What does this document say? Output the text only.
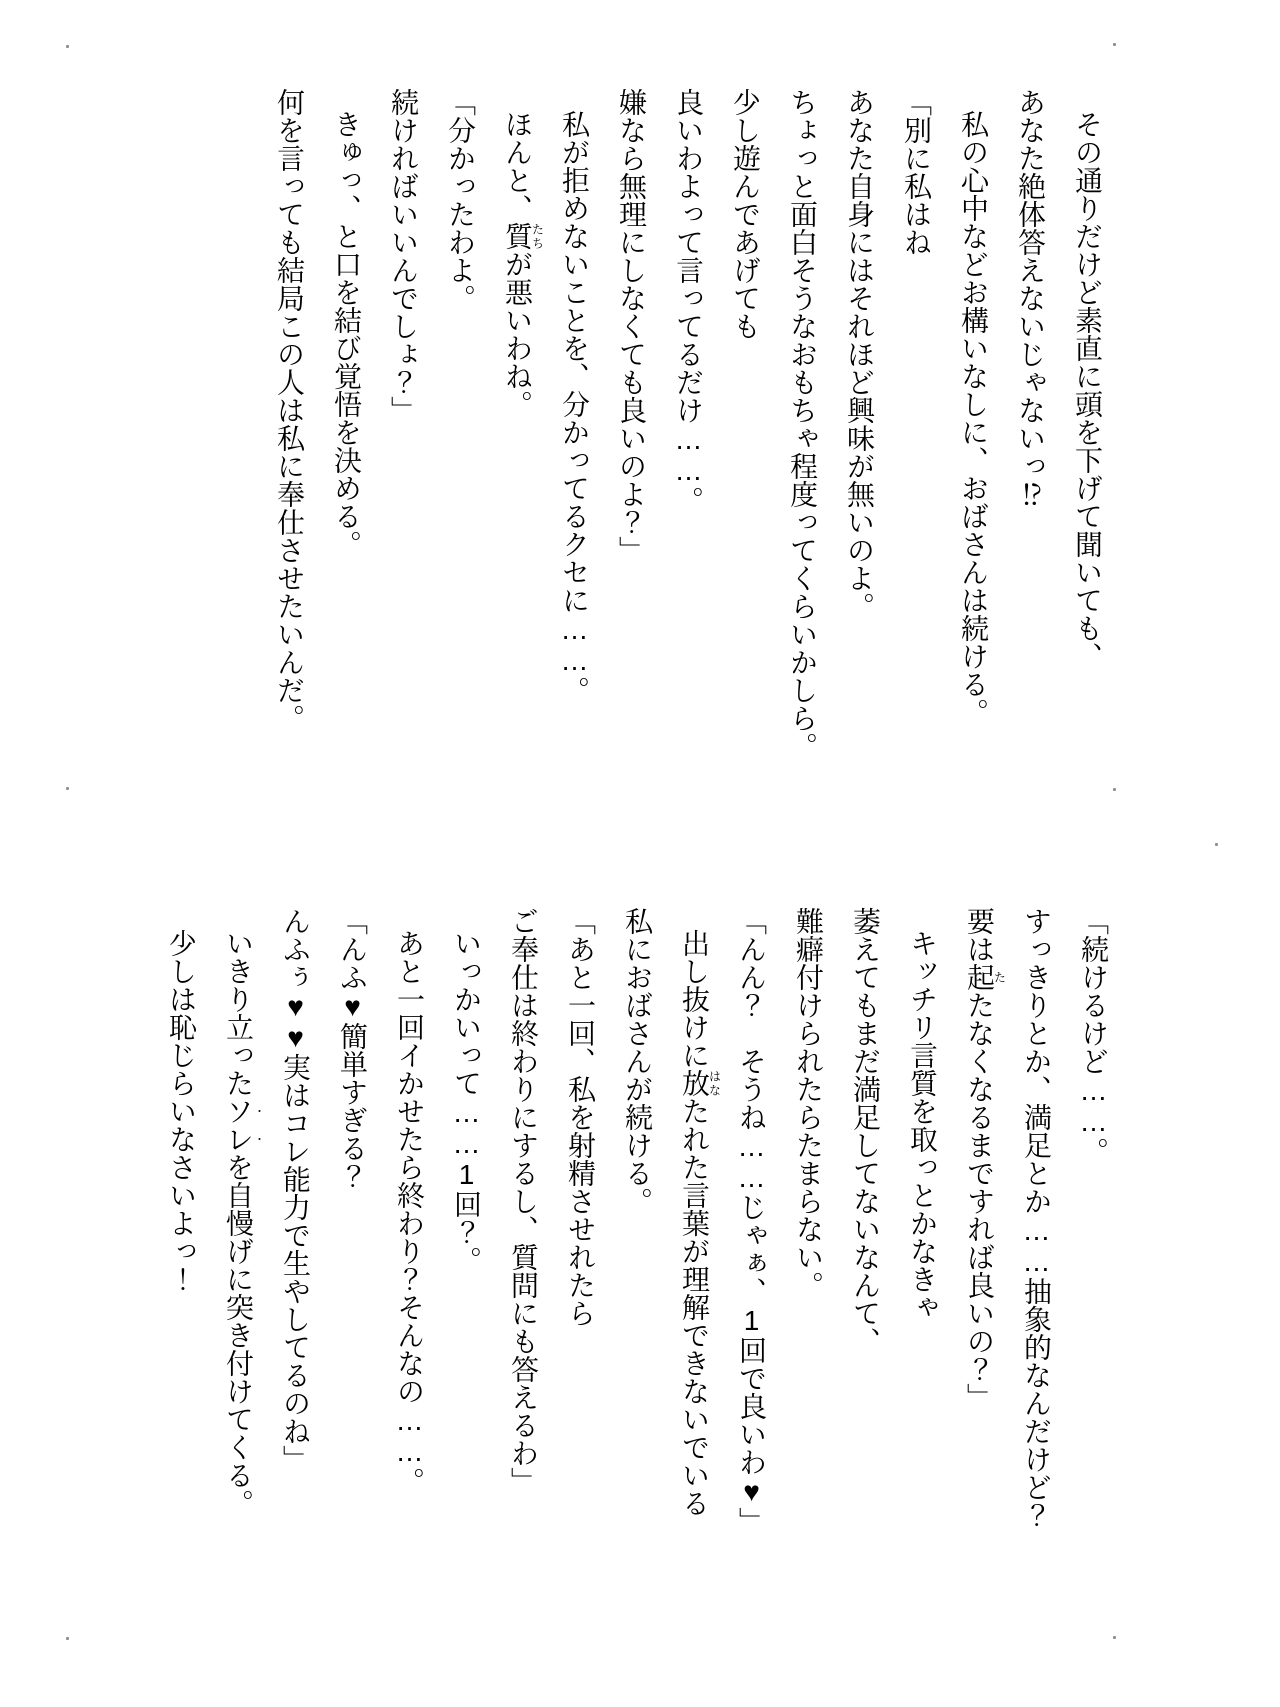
その通りだけど素直に頭を下げて聞いても、

あなた絶体答えないじゃないっ⁉

私の心中などお構いなしに、おばさんは続ける。

「別に私はね

あなた自身にはそれほど興味が無いのよ。

ちょっと面白そうなおもちゃ程度ってくらいかしら。

少し遊んであげても

良いわよって言ってるだけ……。

嫌なら無理にしなくても良いのよ？」

私が拒めないことを、分かってるクセに……。

ほんと、質たちが悪いわね。

「分かったわよ。

続ければいいんでしょ？」

きゅっ、と口を結び覚悟を決める。

何を言っても結局この人は私に奉仕させたいんだ。

「続けるけど……。

すっきりとか、満足とか……抽象的なんだけど？

要は起たたなくなるまですれば良いの？」

キッチリ言質を取っとかなきゃ

萎えてもまだ満足してないなんて、

難癖付けられたらたまらない。

「んん？　そうね……じゃぁ、1回で良いわ♥」

出し抜けに放はなたれた言葉が理解できないでいる

私におばさんが続ける。

「あと一回、私を射精させれたら

ご奉仕は終わりにするし、質問にも答えるわ」

いっかいって……1回？。

あと一回イかせたら終わり？そんなの……。

「んふ♥簡単すぎる？

んふぅ♥♥実はコレ能力で生やしてるのね」

いきり立ったソ・レ・を自慢げに突き付けてくる。

少しは恥じらいなさいよっ！
